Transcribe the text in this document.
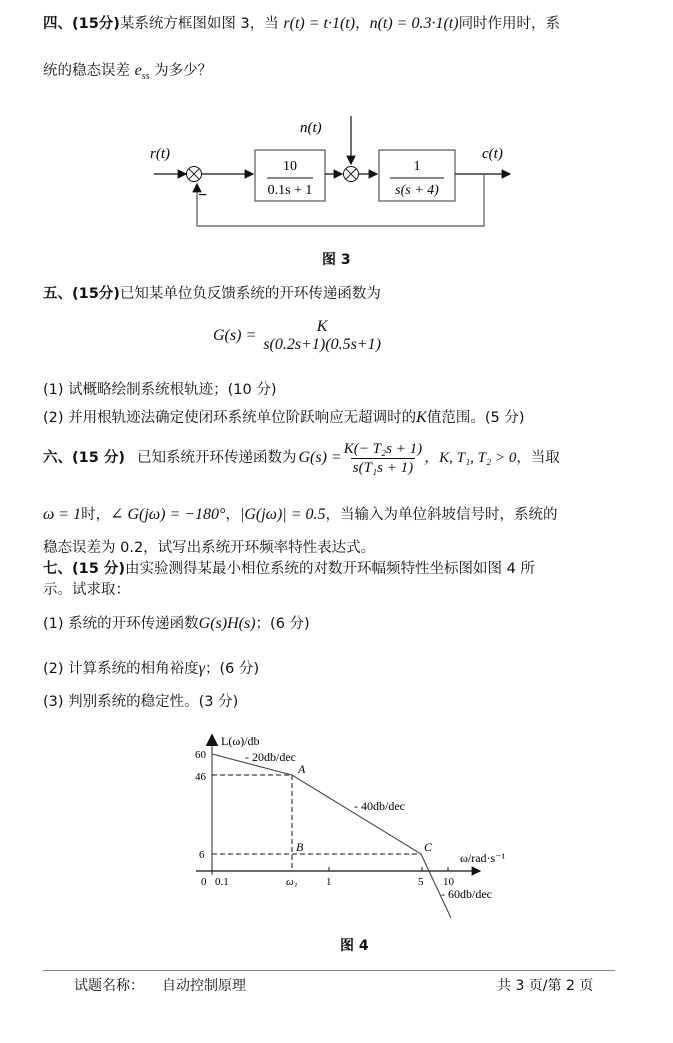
四、(15分)某系统方框图如图 3，当 r(t) = t·1(t)，n(t) = 0.3·1(t)同时作用时，系
统的稳态误差 $e_{ss}$ 为多少？
r(t)
n(t)
c(t)
−
10
0.1s + 1
1
s(s + 4)
图 3
五、(15分)已知某单位负反馈系统的开环传递函数为
G(s) =
K
s(0.2s+1)(0.5s+1)
(1) 试概略绘制系统根轨迹；(10 分)
(2) 并用根轨迹法确定使闭环系统单位阶跃响应无超调时的K值范围。(5 分)
六、(15 分) 已知系统开环传递函数为 $G(s) = \frac{\text{K(− T₂s + 1)}}{\text{s(T₁s + 1)}}$ ，K, T₁, T₂ > 0 ，当取
ω = 1时，∠ G(jω) = −180°，|G(jω)| = 0.5，当输入为单位斜坡信号时，系统的
稳态误差为 0.2，试写出系统开环频率特性表达式。
七、(15 分)由实验测得某最小相位系统的对数开环幅频特性坐标图如图 4 所
示。试求取：
(1) 系统的开环传递函数G(s)H(s)；(6 分)
(2) 计算系统的相角裕度γ；(6 分)
(3) 判别系统的稳定性。(3 分)
L(ω)/db
ω/rad·s⁻¹
60
46
6
0 0.1	ω₁	1	5 10
A
B	C
- 20db/dec
- 40db/dec
- 60db/dec
图 4
试题名称： 自动控制原理	共 3 页/第 2 页
